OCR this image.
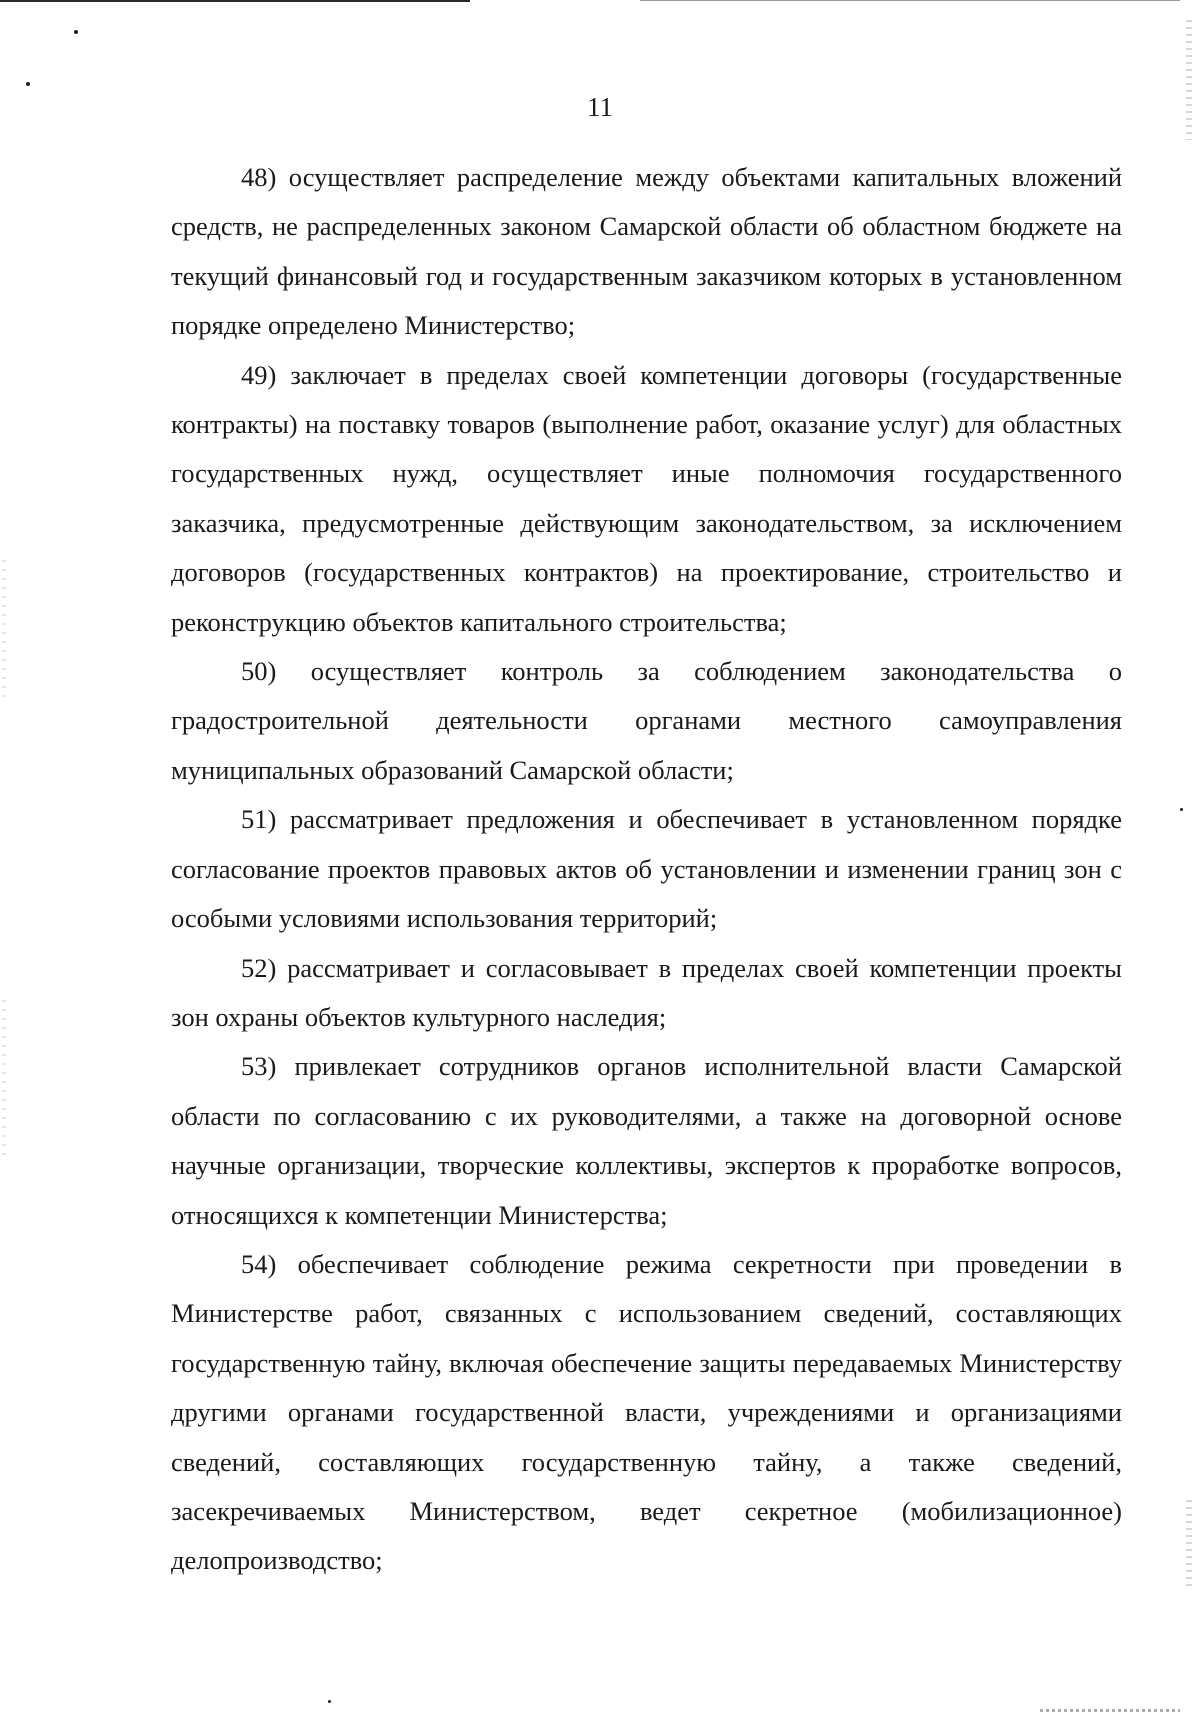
11

48) осуществляет распределение между объектами капитальных вложений средств, не распределенных законом Самарской области об областном бюджете на текущий финансовый год и государственным заказчиком которых в установленном порядке определено Министерство;

49) заключает в пределах своей компетенции договоры (государственные контракты) на поставку товаров (выполнение работ, оказание услуг) для областных государственных нужд, осуществляет иные полномочия государственного заказчика, предусмотренные действующим законодательством, за исключением договоров (государственных контрактов) на проектирование, строительство и реконструкцию объектов капитального строительства;

50) осуществляет контроль за соблюдением законодательства о градостроительной деятельности органами местного самоуправления муниципальных образований Самарской области;

51) рассматривает предложения и обеспечивает в установленном порядке согласование проектов правовых актов об установлении и изменении границ зон с особыми условиями использования территорий;

52) рассматривает и согласовывает в пределах своей компетенции проекты зон охраны объектов культурного наследия;

53) привлекает сотрудников органов исполнительной власти Самарской области по согласованию с их руководителями, а также на договорной основе научные организации, творческие коллективы, экспертов к проработке вопросов, относящихся к компетенции Министерства;

54) обеспечивает соблюдение режима секретности при проведении в Министерстве работ, связанных с использованием сведений, составляющих государственную тайну, включая обеспечение защиты передаваемых Министерству другими органами государственной власти, учреждениями и организациями сведений, составляющих государственную тайну, а также сведений, засекречиваемых Министерством, ведет секретное (мобилизационное) делопроизводство;
